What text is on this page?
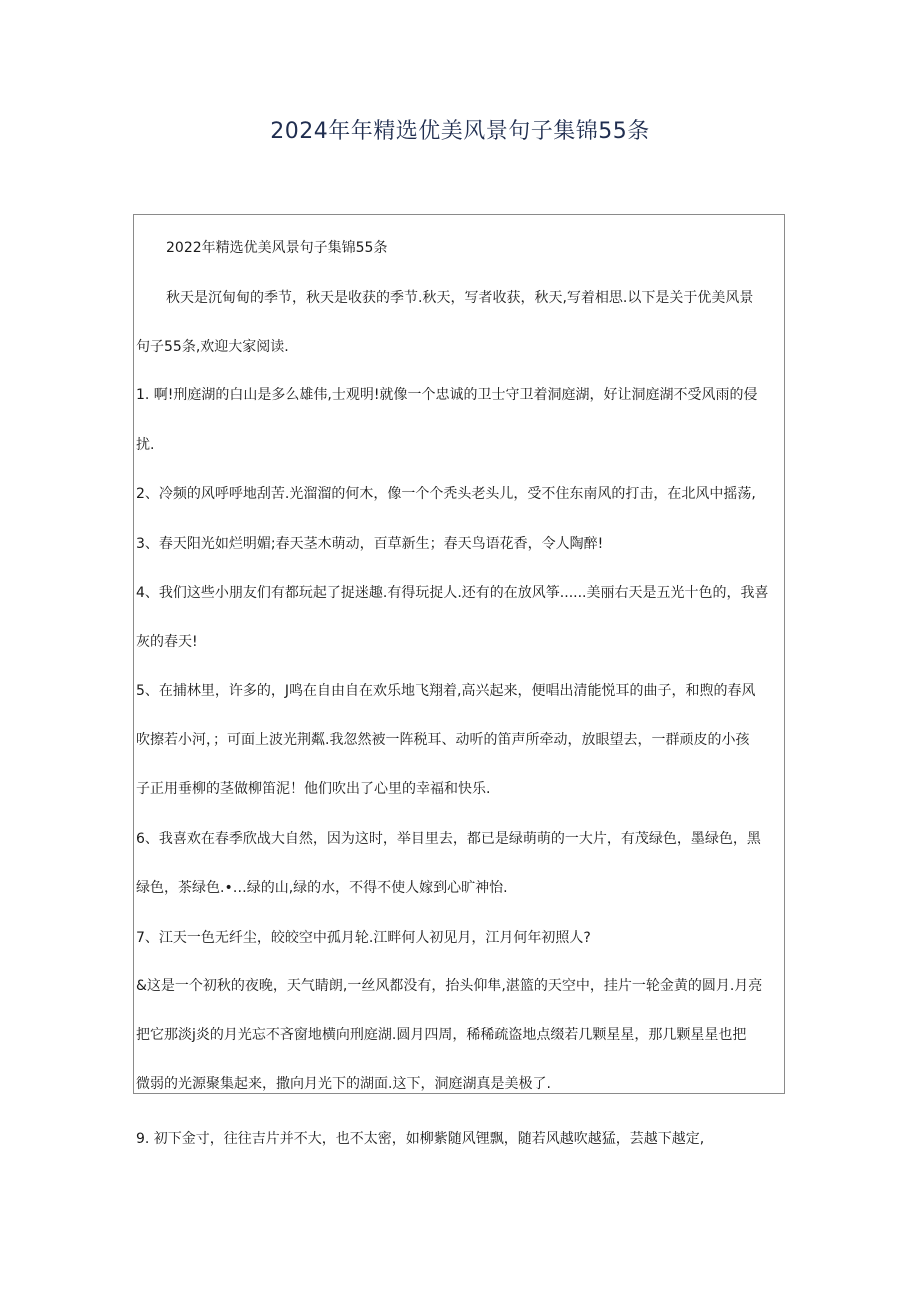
2024年年精选优美风景句子集锦55条
2022年精选优美风景句子集锦55条
秋天是沉甸甸的季节，秋天是收获的季节.秋天，写者收获，秋天,写着相思.以下是关于优美风景
句子55条,欢迎大家阅读.
1. 啊!刑庭湖的白山是多么雄伟,士观明!就像一个忠诚的卫士守卫着洞庭湖，好让洞庭湖不受风雨的侵
扰.
2、冷频的风呼呼地刮苦.光溜溜的何木，像一个个秃头老头儿，受不住东南风的打击，在北风中摇荡,
3、春天阳光如烂明媚;春天茎木萌动，百草新生；春天鸟语花香，令人陶醉!
4、我们这些小朋友们有都玩起了捉迷趣.有得玩捉人.还有的在放风筝......美丽右天是五光十色的，我喜
灰的春天!
5、在捕林里，许多的，J鸣在自由自在欢乐地飞翔着,高兴起来，便唱出清能悦耳的曲子，和煦的春风
吹擦若小河，；可面上波光荆粼.我忽然被一阵税耳、动听的笛声所牵动，放眼望去，一群顽皮的小孩
子正用垂柳的茎做柳笛泥！他们吹出了心里的幸福和快乐.
6、我喜欢在春季欣战大自然，因为这时，举目里去，都已是绿萌萌的一大片，有茂绿色，墨绿色，黑
绿色，茶绿色.•…绿的山,绿的水，不得不使人嫁到心旷神怡.
7、江天一色无纤尘，皎皎空中孤月轮.江畔何人初见月，江月何年初照人?
&这是一个初秋的夜晚，天气睛朗,一丝风都没有，抬头仰隼,湛篮的天空中，挂片一轮金黄的圆月.月亮
把它那淡j炎的月光忘不吝窗地横向刑庭湖.圆月四周，稀稀疏盗地点缀若几颗星星，那几颗星星也把
微弱的光源聚集起来，撒向月光下的湖面.这下，洞庭湖真是美极了.
9. 初下金寸，往往吉片并不大，也不太密，如柳紫随风锂飘，随若风越吹越猛，芸越下越定,
